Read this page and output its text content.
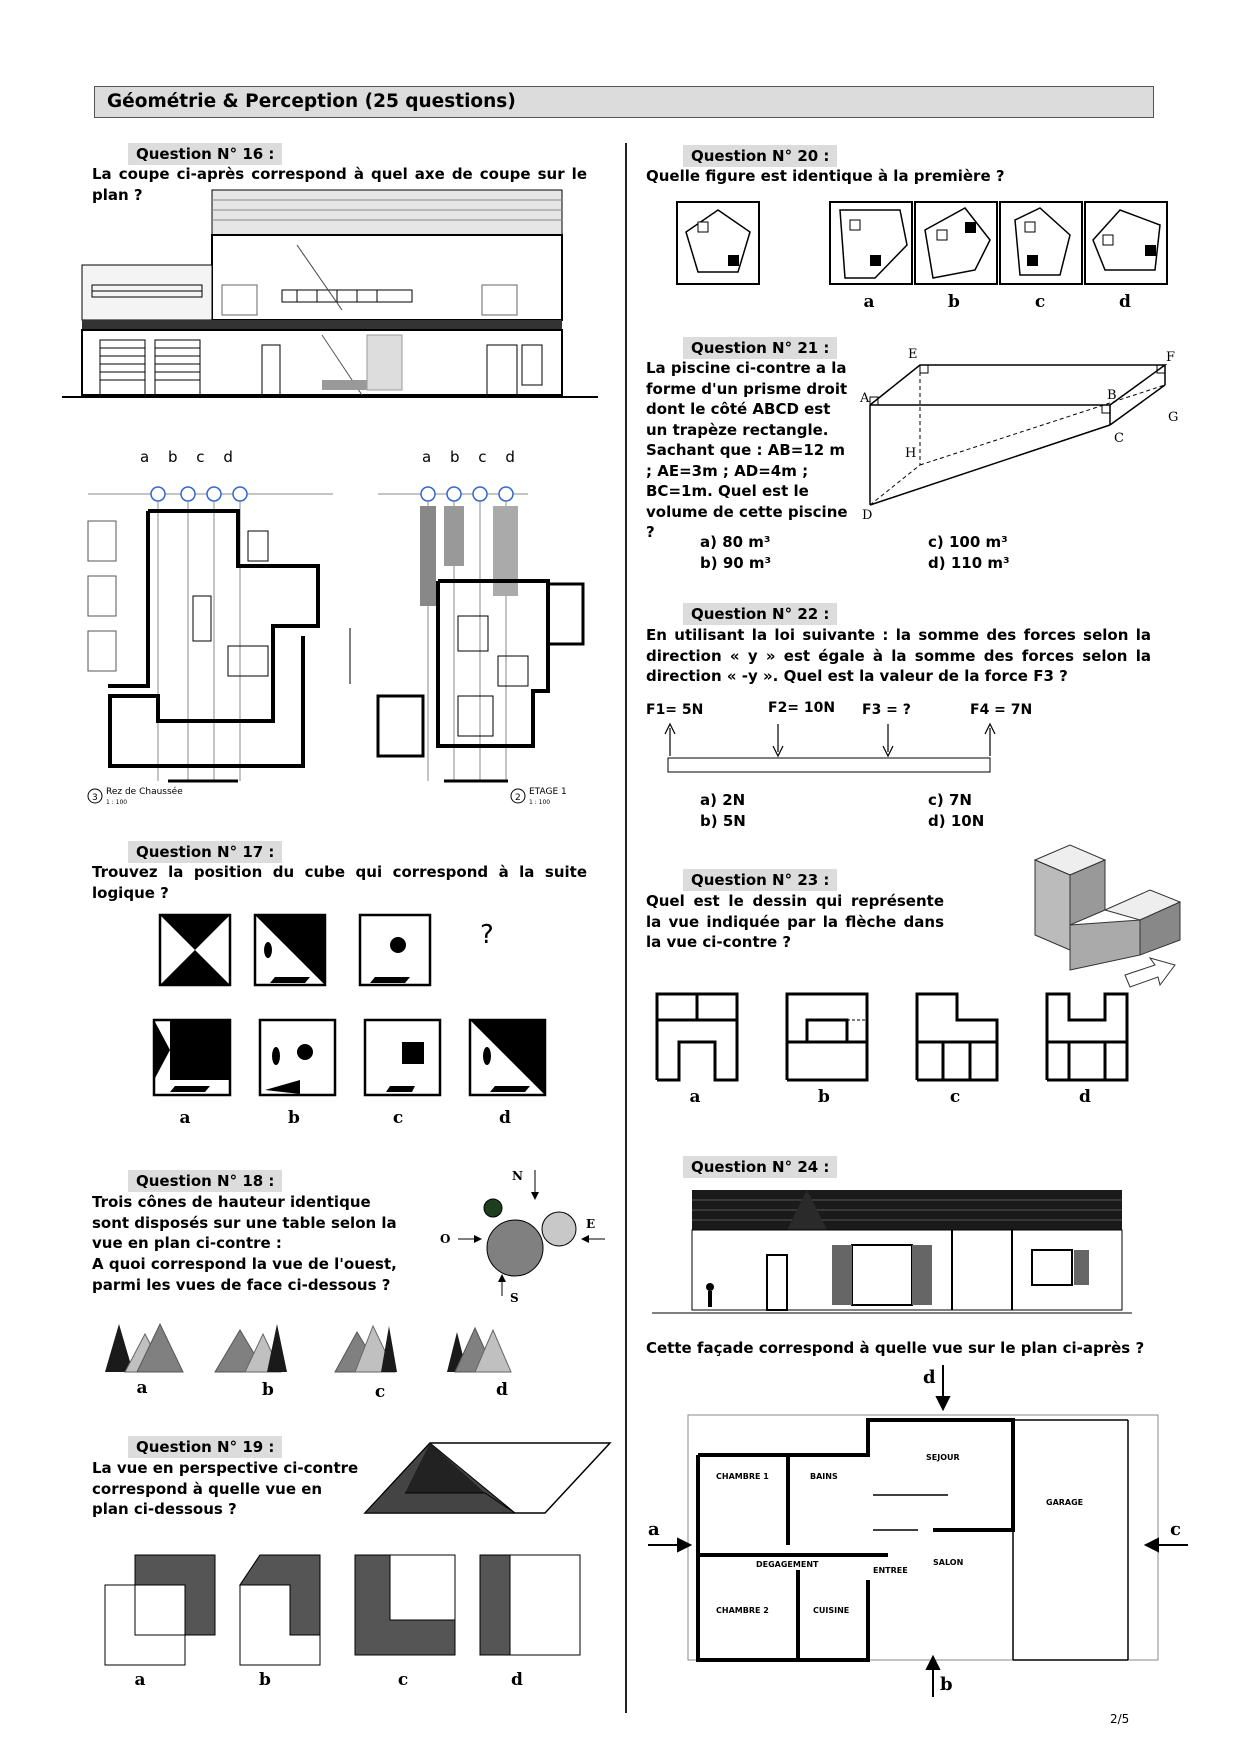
Géométrie & Perception (25 questions)
Question N° 16 :
La coupe ci-après correspond à quel axe de coupe sur le plan ?
a b c d	a b c d
3
Rez de Chaussée
1 : 100	2
ETAGE 1
1 : 100
Question N° 17 :
Trouvez la position du cube qui correspond à la suite logique ?
?
a	b	c	d
Question N° 18 :
Trois cônes de hauteur identique sont disposés sur une table selon la vue en plan ci-contre :
A quoi correspond la vue de l'ouest, parmi les vues de face ci-dessous ?
N
O
E
S
a	b	c	d
Question N° 19 :
La vue en perspective ci-contre correspond à quelle vue en plan ci-dessous ?
a	b	c	d
Question N° 20 :
Quelle figure est identique à la première ?
a	b	c	d
Question N° 21 :
La piscine ci-contre a la forme d'un prisme droit dont le côté ABCD est un trapèze rectangle. Sachant que : AB=12 m ; AE=3m ; AD=4m ; BC=1m. Quel est le volume de cette piscine ?
A	B
C
D
E	F
G
H
a) 80 m³
b) 90 m³
c) 100 m³
d) 110 m³
Question N° 22 :
En utilisant la loi suivante : la somme des forces selon la direction « y » est égale à la somme des forces selon la direction « -y ». Quel est la valeur de la force F3 ?
F1= 5N	F2= 10N F3 = ?	F4 = 7N
a) 2N
b) 5N
c) 7N
d) 10N
Question N° 23 :
Quel est le dessin qui représente la vue indiquée par la flèche dans la vue ci-contre ?
a	b	c	d
Question N° 24 :
Cette façade correspond à quelle vue sur le plan ci-après ?
SEJOUR
CHAMBRE 1	BAINS
GARAGE
DEGAGEMENT
ENTREE
SALON
CHAMBRE 2	CUISINE
d
a	c
b
2/5
